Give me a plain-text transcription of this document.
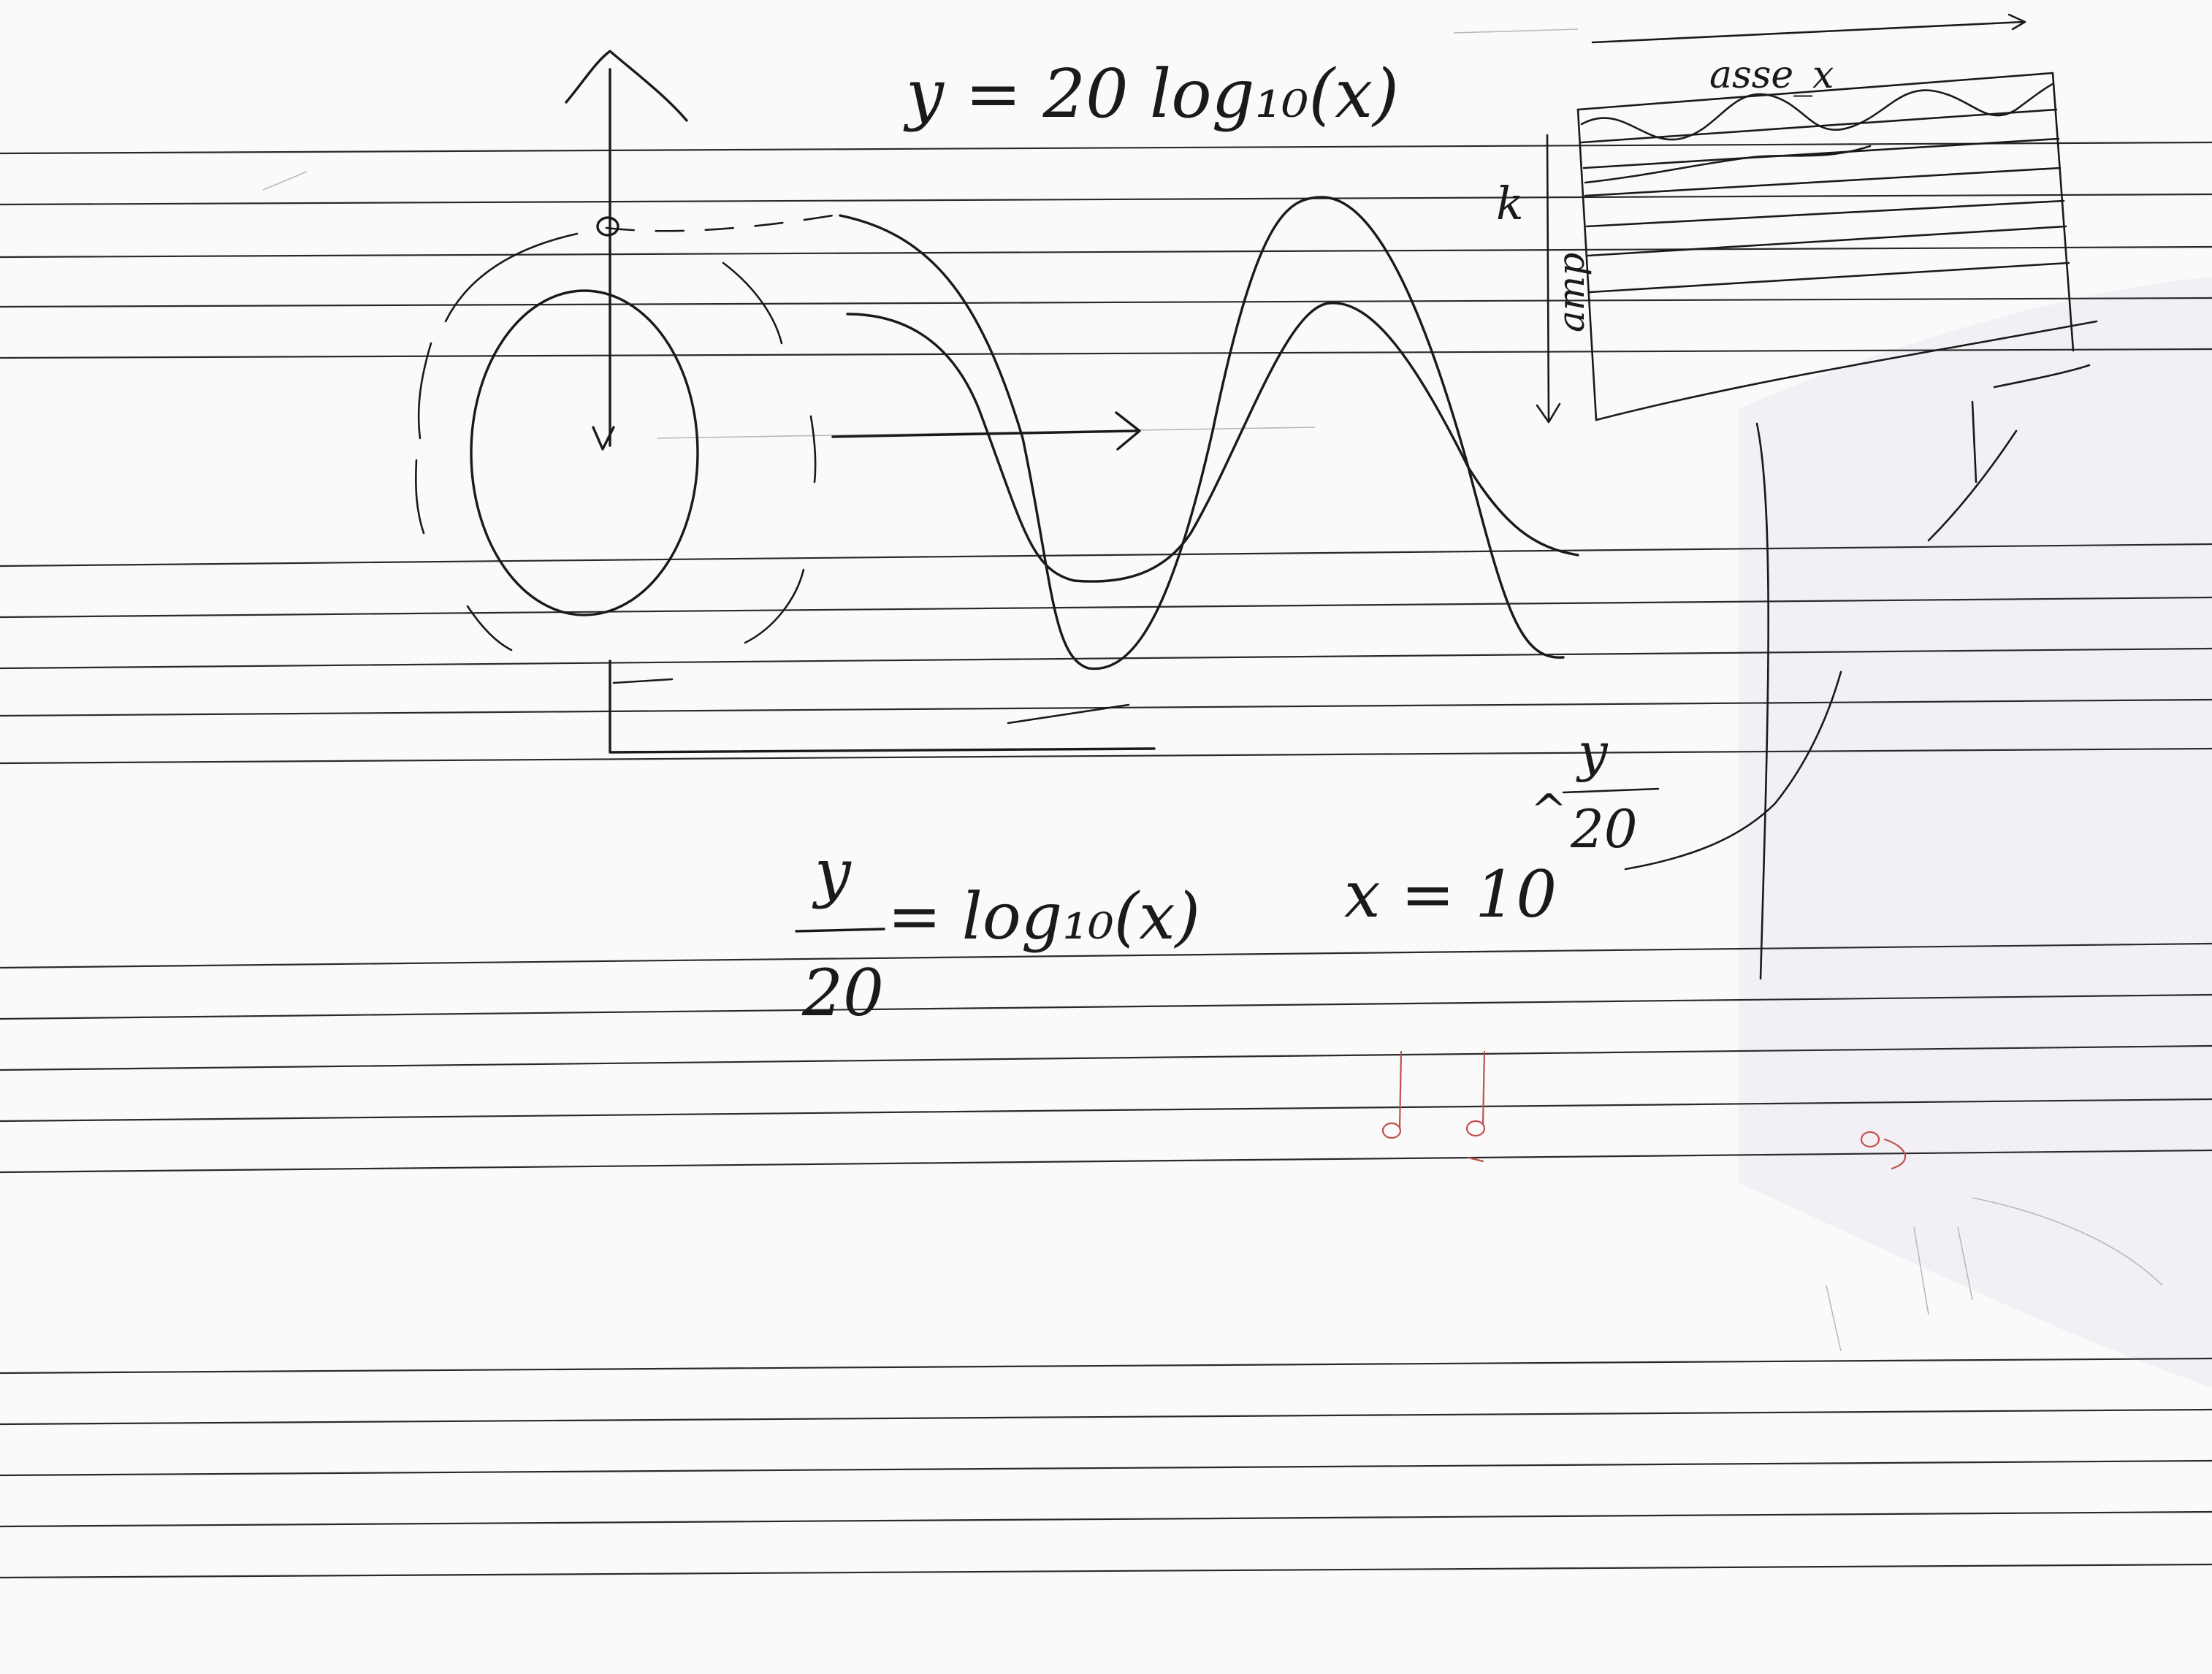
k
amp
asse_x
y = 20 log₁₀(x)
y
20
= log₁₀(x) x = 10
^
y
20
